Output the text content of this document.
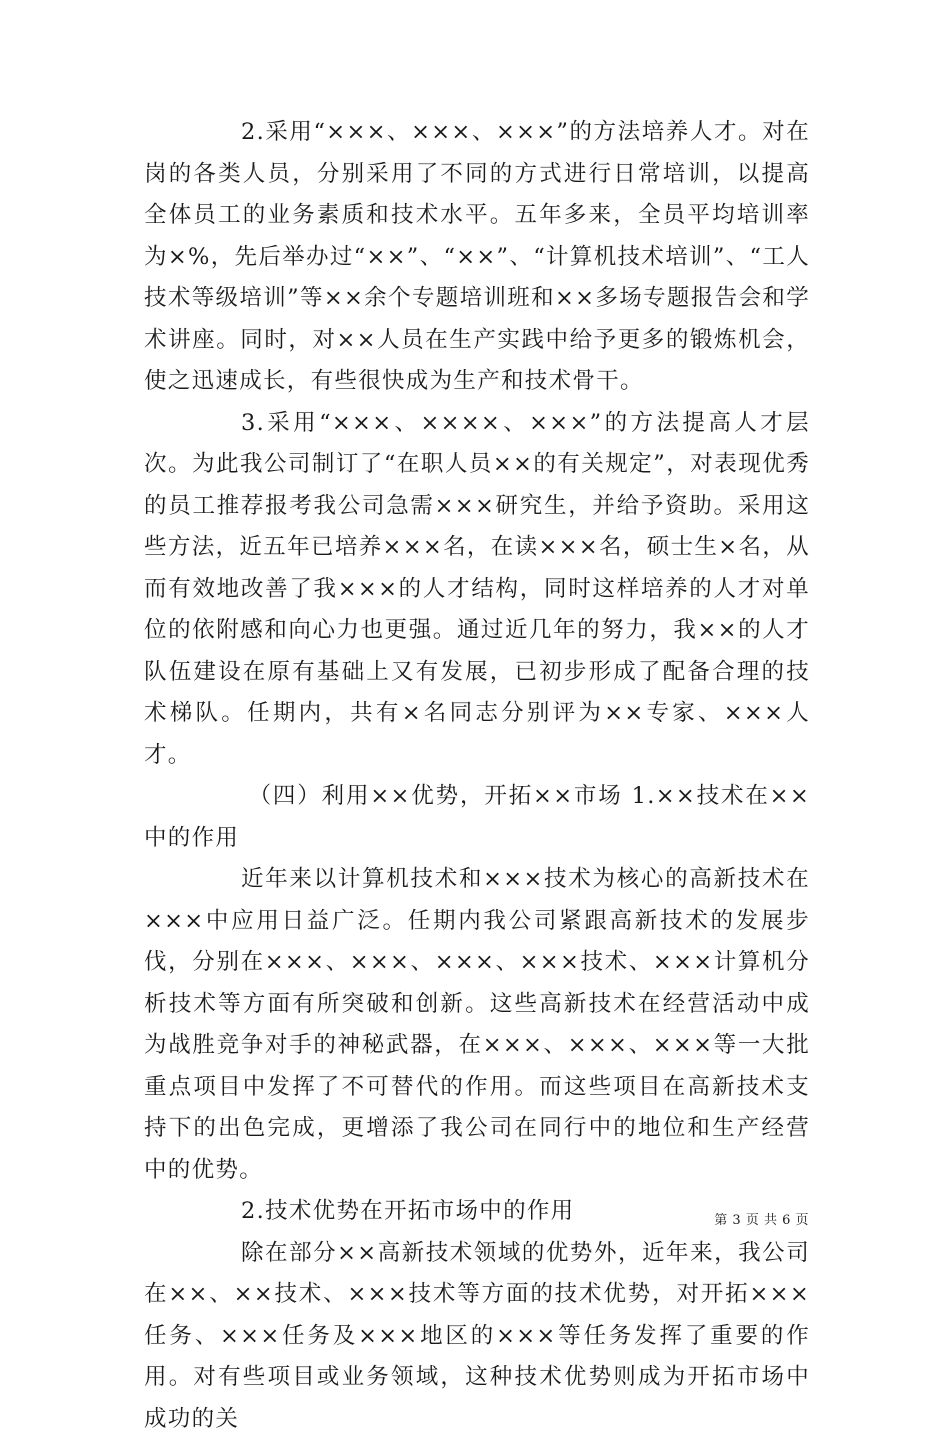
2.采用“×××、×××、×××”的方法培养人才。对在岗的各类人员，分别采用了不同的方式进行日常培训，以提高全体员工的业务素质和技术水平。五年多来，全员平均培训率为×%，先后举办过“××”、“××”、“计算机技术培训”、“工人技术等级培训”等××余个专题培训班和××多场专题报告会和学术讲座。同时，对××人员在生产实践中给予更多的锻炼机会，使之迅速成长，有些很快成为生产和技术骨干。

3.采用“×××、××××、×××”的方法提高人才层次。为此我公司制订了“在职人员××的有关规定”，对表现优秀的员工推荐报考我公司急需×××研究生，并给予资助。采用这些方法，近五年已培养×××名，在读×××名，硕士生×名，从而有效地改善了我×××的人才结构，同时这样培养的人才对单位的依附感和向心力也更强。通过近几年的努力，我××的人才队伍建设在原有基础上又有发展，已初步形成了配备合理的技术梯队。任期内，共有×名同志分别评为××专家、×××人才。

（四）利用××优势，开拓××市场 1.××技术在××中的作用

近年来以计算机技术和×××技术为核心的高新技术在×××中应用日益广泛。任期内我公司紧跟高新技术的发展步伐，分别在×××、×××、×××、×××技术、×××计算机分析技术等方面有所突破和创新。这些高新技术在经营活动中成为战胜竞争对手的神秘武器，在×××、×××、×××等一大批重点项目中发挥了不可替代的作用。而这些项目在高新技术支持下的出色完成，更增添了我公司在同行中的地位和生产经营中的优势。

2.技术优势在开拓市场中的作用

除在部分××高新技术领域的优势外，近年来，我公司在××、××技术、×××技术等方面的技术优势，对开拓×××任务、×××任务及×××地区的×××等任务发挥了重要的作用。对有些项目或业务领域，这种技术优势则成为开拓市场中成功的关

第 3 页 共 6 页
